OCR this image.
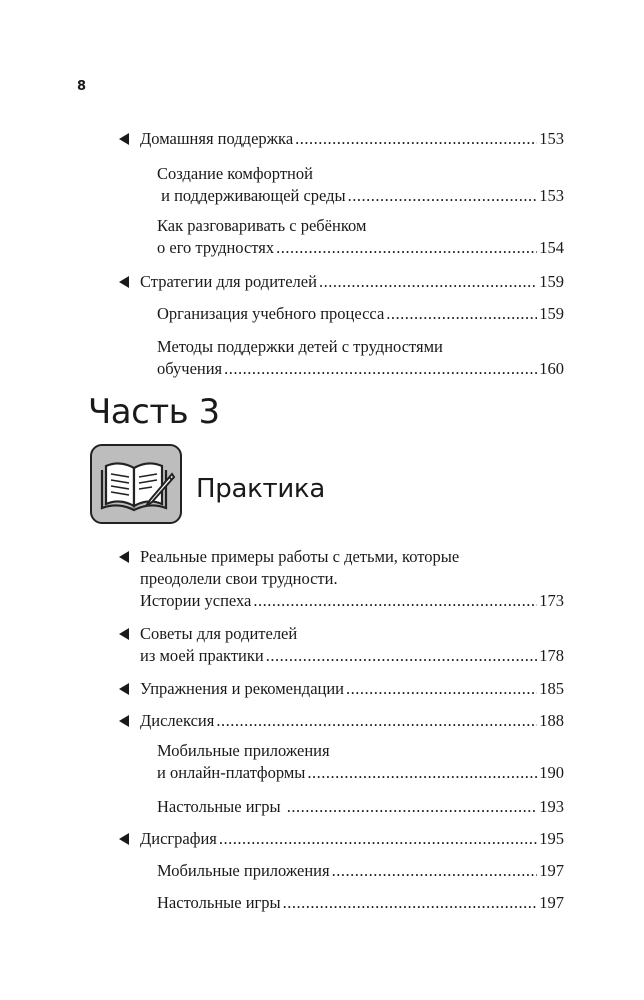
8
Домашняя поддержка .....	153
Создание комфортной
и поддерживающей среды .....	153
Как разговаривать с ребёнком
о его трудностях .....	154
Стратегии для родителей .....	159
Организация учебного процесса .....	159
Методы поддержки детей с трудностями
обучения .....	160
Часть 3
Практика
Реальные примеры работы с детьми, которые
преодолели свои трудности.
Истории успеха .....	173
Советы для родителей
из моей практики .....	178
Упражнения и рекомендации .....	185
Дислексия .....	188
Мобильные приложения
и онлайн-платформы .....	190
Настольные игры .....	193
Дисграфия .....	195
Мобильные приложения .....	197
Настольные игры .....	197
